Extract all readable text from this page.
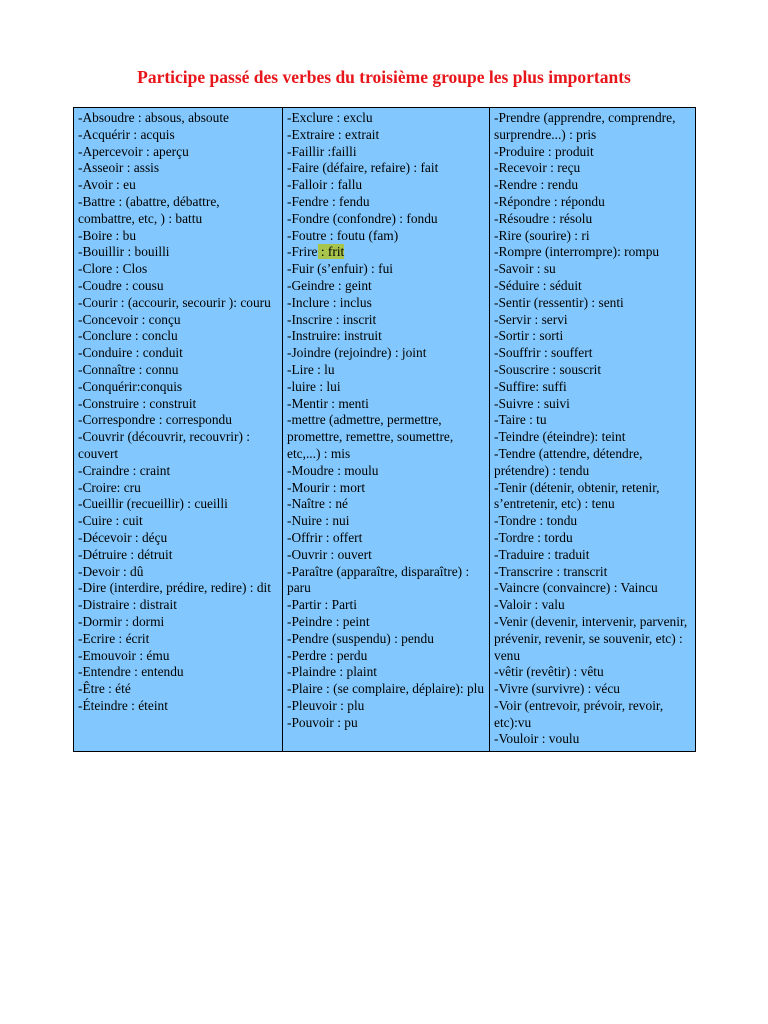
Participe passé des verbes du troisième groupe les plus importants
-Absoudre : absous, absoute
-Acquérir : acquis
-Apercevoir : aperçu
-Asseoir : assis
-Avoir : eu
-Battre : (abattre, débattre, combattre, etc, ) : battu
-Boire : bu
-Bouillir : bouilli
-Clore : Clos
-Coudre : cousu
-Courir : (accourir, secourir ): couru
-Concevoir : conçu
-Conclure : conclu
-Conduire : conduit
-Connaître : connu
-Conquérir:conquis
-Construire : construit
-Correspondre : correspondu
-Couvrir (découvrir, recouvrir) : couvert
-Craindre : craint
-Croire: cru
-Cueillir (recueillir) : cueilli
-Cuire : cuit
-Décevoir : déçu
-Détruire : détruit
-Devoir : dû
-Dire (interdire, prédire, redire) : dit
-Distraire : distrait
-Dormir : dormi
-Ecrire : écrit
-Emouvoir : ému
-Entendre : entendu
-Être : été
-Éteindre : éteint
-Exclure : exclu
-Extraire : extrait
-Faillir :failli
-Faire (défaire, refaire) : fait
-Falloir : fallu
-Fendre : fendu
-Fondre (confondre) : fondu
-Foutre : foutu (fam)
-Frire : frit
-Fuir (s’enfuir) : fui
-Geindre : geint
-Inclure : inclus
-Inscrire : inscrit
-Instruire: instruit
-Joindre (rejoindre) : joint
-Lire : lu
-luire : lui
-Mentir : menti
-mettre (admettre, permettre, promettre, remettre, soumettre, etc,...) : mis
-Moudre : moulu
-Mourir : mort
-Naître : né
-Nuire : nui
-Offrir : offert
-Ouvrir : ouvert
-Paraître (apparaître, disparaître) : paru
-Partir : Parti
-Peindre : peint
-Pendre (suspendu) : pendu
-Perdre : perdu
-Plaindre : plaint
-Plaire : (se complaire, déplaire): plu
-Pleuvoir : plu
-Pouvoir : pu
-Prendre (apprendre, comprendre, surprendre...) : pris
-Produire : produit
-Recevoir : reçu
-Rendre : rendu
-Répondre : répondu
-Résoudre : résolu
-Rire (sourire) : ri
-Rompre (interrompre): rompu
-Savoir : su
-Séduire : séduit
-Sentir (ressentir) : senti
-Servir : servi
-Sortir : sorti
-Souffrir : souffert
-Souscrire : souscrit
-Suffire: suffi
-Suivre : suivi
-Taire : tu
-Teindre (éteindre): teint
-Tendre (attendre, détendre, prétendre) : tendu
-Tenir (détenir, obtenir, retenir, s’entretenir, etc) : tenu
-Tondre : tondu
-Tordre : tordu
-Traduire : traduit
-Transcrire : transcrit
-Vaincre (convaincre) : Vaincu
-Valoir : valu
-Venir (devenir, intervenir, parvenir, prévenir, revenir, se souvenir, etc) : venu
-vêtir (revêtir) : vêtu
-Vivre (survivre) : vécu
-Voir (entrevoir, prévoir, revoir, etc):vu
-Vouloir : voulu
